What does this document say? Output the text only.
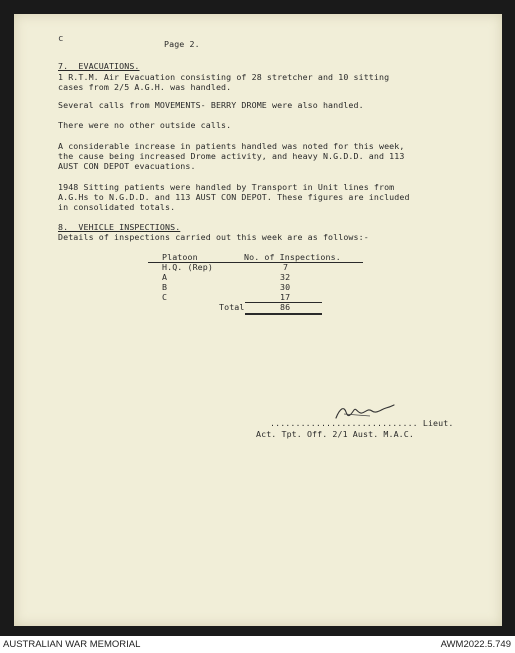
c	Page 2.
7.  EVACUATIONS.
1 R.T.M. Air Evacuation consisting of 28 stretcher and 10 sitting
cases from 2/5 A.G.H. was handled.
Several calls from MOVEMENTS- BERRY DROME were also handled.
There were no other outside calls.
A considerable increase in patients handled was noted for this week,
the cause being increased Drome activity, and heavy N.G.D.D. and 113
AUST CON DEPOT evacuations.
1948 Sitting patients were handled by Transport in Unit lines from
A.G.Hs to N.G.D.D. and 113 AUST CON DEPOT. These figures are included
in consolidated totals.
8.  VEHICLE INSPECTIONS.
Details of inspections carried out this week are as follows:-
Platoon	No. of Inspections.
H.Q. (Rep)	7
A	32
B	30
C	17
Total	86
............................. Lieut.
Act. Tpt. Off. 2/1 Aust. M.A.C.
AUSTRALIAN WAR MEMORIAL	AWM2022.5.749
